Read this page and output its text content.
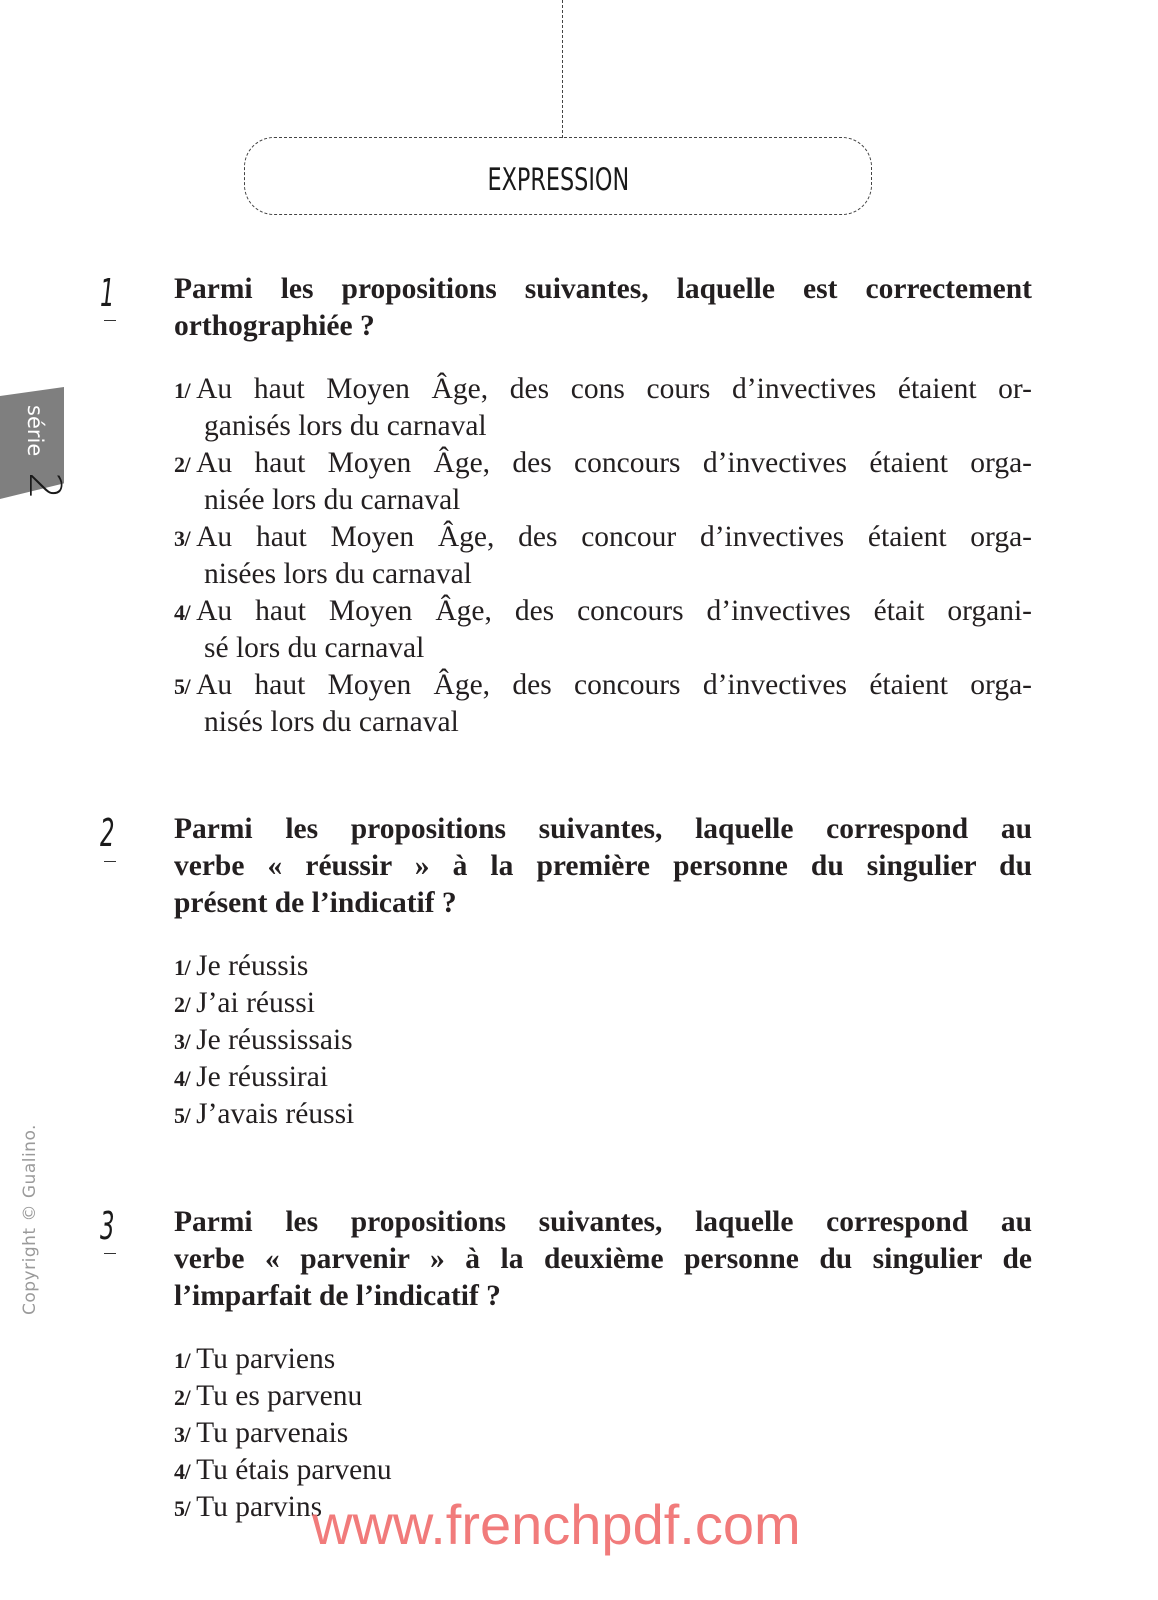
expression
série
2
Copyright © Gualino.
1 Parmi les propositions suivantes, laquelle est correctement
orthographiée ?
1/ Au haut Moyen Âge, des cons cours d’invectives étaient or-
ganisés lors du carnaval
2/ Au haut Moyen Âge, des concours d’invectives étaient orga-
nisée lors du carnaval
3/ Au haut Moyen Âge, des concour d’invectives étaient orga-
nisées lors du carnaval
4/ Au haut Moyen Âge, des concours d’invectives était organi-
sé lors du carnaval
5/ Au haut Moyen Âge, des concours d’invectives étaient orga-
nisés lors du carnaval
2 Parmi les propositions suivantes, laquelle correspond au
verbe « réussir » à la première personne du singulier du
présent de l’indicatif ?
1/ Je réussis
2/ J’ai réussi
3/ Je réussissais
4/ Je réussirai
5/ J’avais réussi
3 Parmi les propositions suivantes, laquelle correspond au
verbe « parvenir » à la deuxième personne du singulier de
l’imparfait de l’indicatif ?
1/ Tu parviens
2/ Tu es parvenu
3/ Tu parvenais
4/ Tu étais parvenu
5/ Tu parvins
www.frenchpdf.com
